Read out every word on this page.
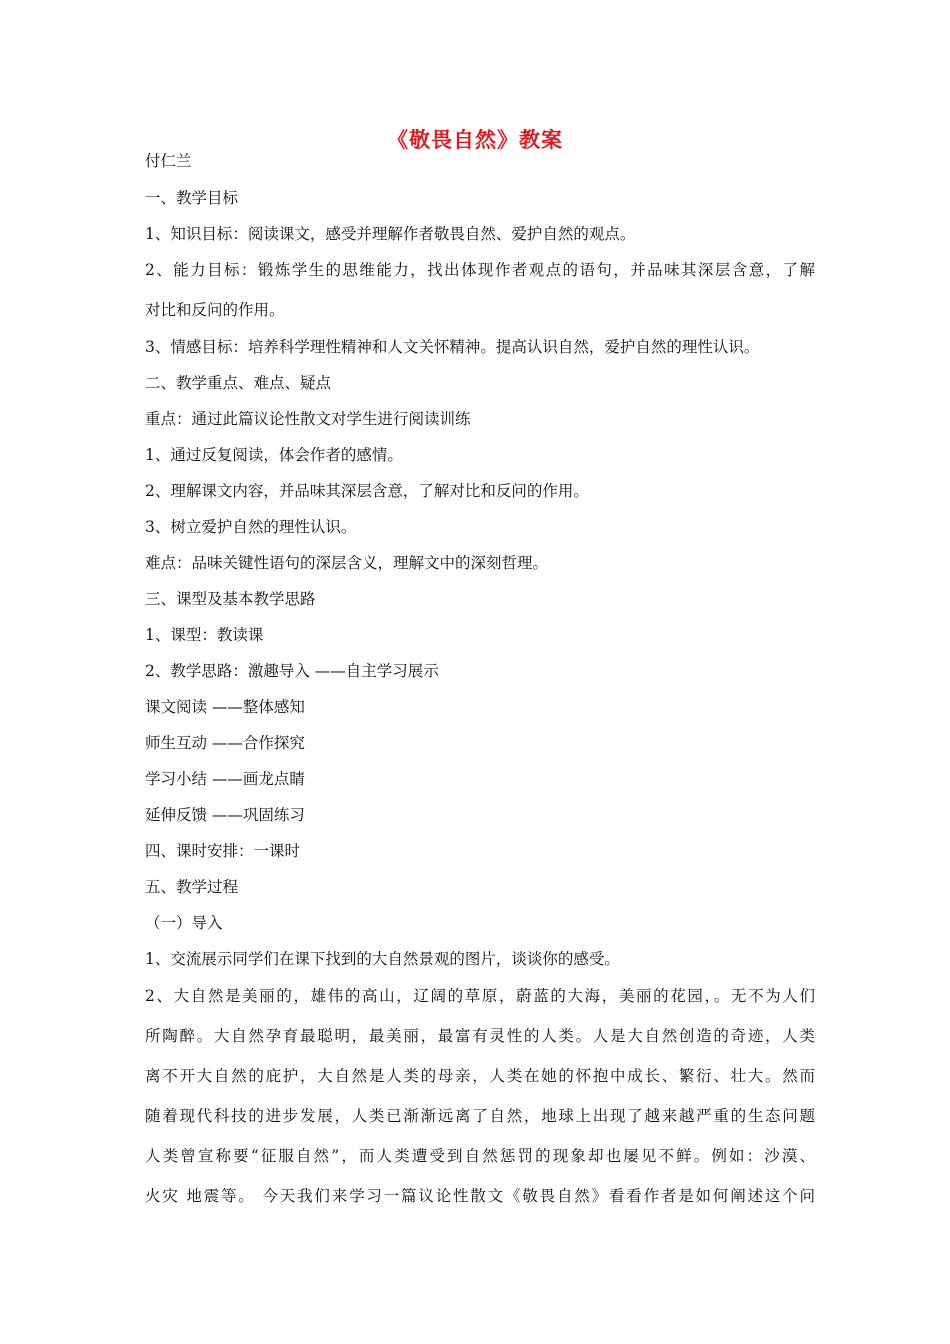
《敬畏自然》教案
付仁兰
一、教学目标
1、知识目标：阅读课文，感受并理解作者敬畏自然、爱护自然的观点。
2、能力目标：锻炼学生的思维能力，找出体现作者观点的语句，并品味其深层含意，了解
对比和反问的作用。
3、情感目标：培养科学理性精神和人文关怀精神。提高认识自然，爱护自然的理性认识。
二、教学重点、难点、疑点
重点：通过此篇议论性散文对学生进行阅读训练
1、通过反复阅读，体会作者的感情。
2、理解课文内容，并品味其深层含意，了解对比和反问的作用。
3、树立爱护自然的理性认识。
难点：品味关键性语句的深层含义，理解文中的深刻哲理。
三、课型及基本教学思路
1、课型：教读课
2、教学思路：激趣导入 ——自主学习展示
课文阅读 ——整体感知
师生互动 ——合作探究
学习小结 ——画龙点睛
延伸反馈 ——巩固练习
四、课时安排：一课时
五、教学过程
（一）导入
1、交流展示同学们在课下找到的大自然景观的图片，谈谈你的感受。
2、大自然是美丽的，雄伟的高山，辽阔的草原，蔚蓝的大海，美丽的花园，。无不为人们
所陶醉。大自然孕育最聪明，最美丽，最富有灵性的人类。人是大自然创造的奇迹，人类
离不开大自然的庇护，大自然是人类的母亲，人类在她的怀抱中成长、繁衍、壮大。然而
随着现代科技的进步发展，人类已渐渐远离了自然，地球上出现了越来越严重的生态问题
人类曾宣称要“征服自然”，而人类遭受到自然惩罚的现象却也屡见不鲜。例如：沙漠、
火灾 地震等。 今天我们来学习一篇议论性散文《敬畏自然》看看作者是如何阐述这个问
